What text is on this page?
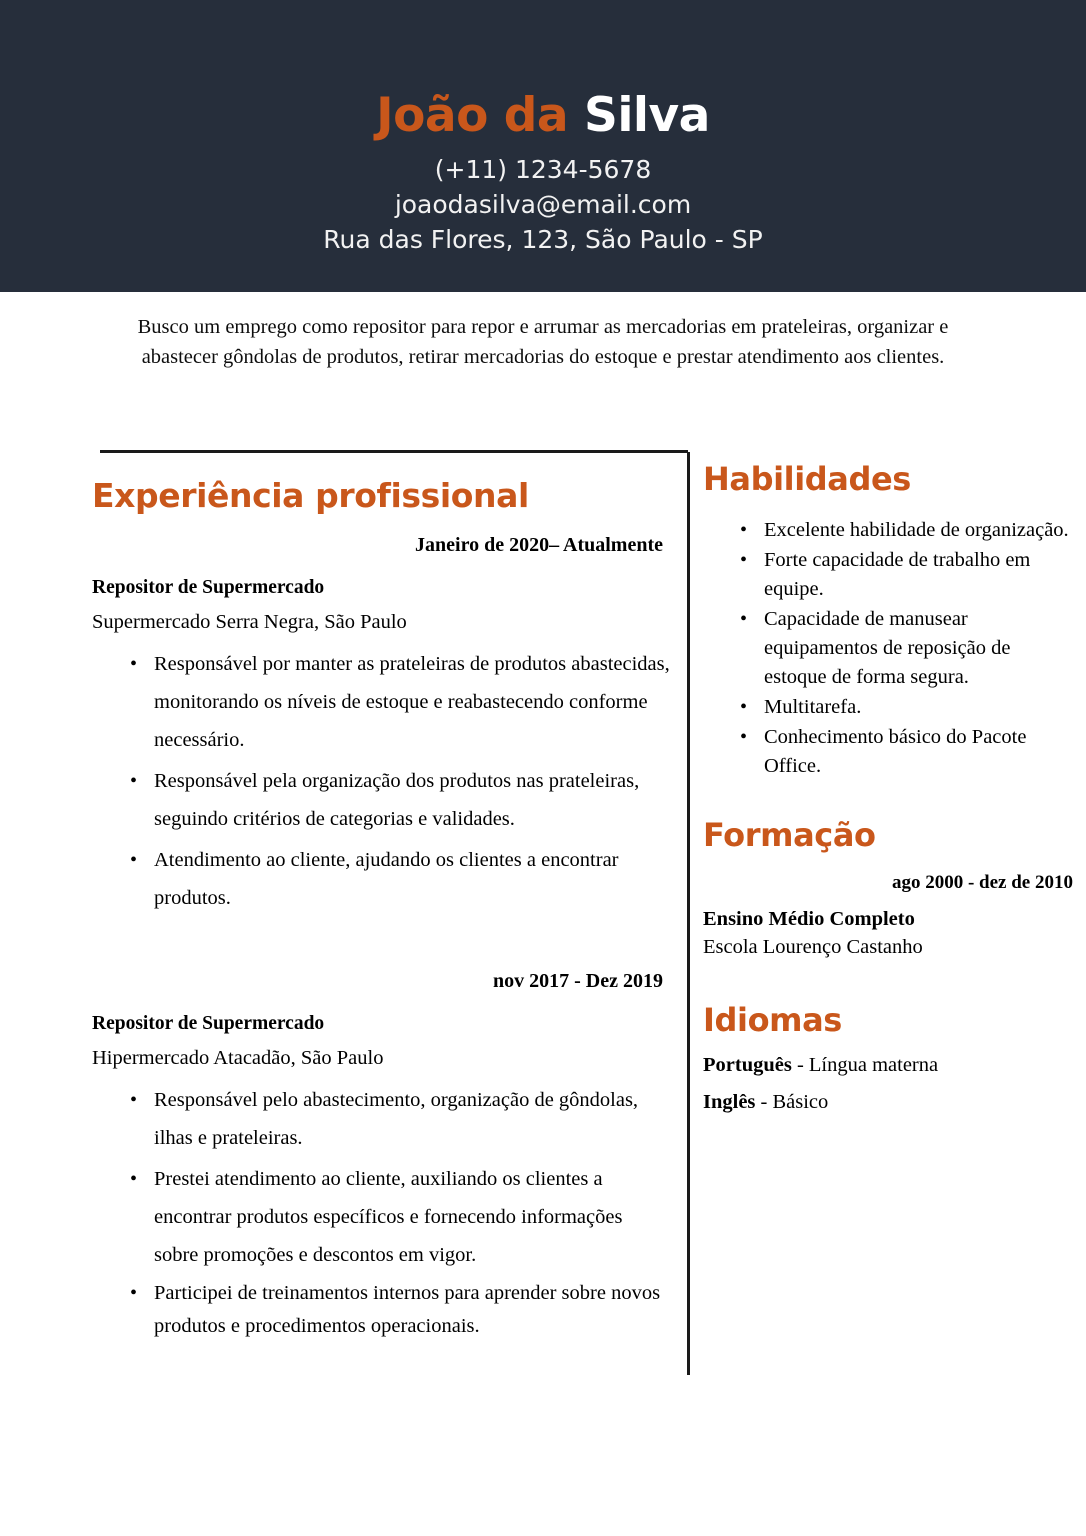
João da Silva
(+11) 1234-5678
joaodasilva@email.com
Rua das Flores, 123, São Paulo - SP
Busco um emprego como repositor para repor e arrumar as mercadorias em prateleiras, organizar e abastecer gôndolas de produtos, retirar mercadorias do estoque e prestar atendimento aos clientes.
Experiência profissional
Janeiro de 2020– Atualmente
Repositor de Supermercado
Supermercado Serra Negra, São Paulo
• Responsável por manter as prateleiras de produtos abastecidas, monitorando os níveis de estoque e reabastecendo conforme necessário.
• Responsável pela organização dos produtos nas prateleiras, seguindo critérios de categorias e validades.
• Atendimento ao cliente, ajudando os clientes a encontrar produtos.
nov 2017 - Dez 2019
Repositor de Supermercado
Hipermercado Atacadão, São Paulo
• Responsável pelo abastecimento, organização de gôndolas, ilhas e prateleiras.
• Prestei atendimento ao cliente, auxiliando os clientes a encontrar produtos específicos e fornecendo informações sobre promoções e descontos em vigor.
• Participei de treinamentos internos para aprender sobre novos produtos e procedimentos operacionais.
Habilidades
• Excelente habilidade de organização.
• Forte capacidade de trabalho em equipe.
• Capacidade de manusear equipamentos de reposição de estoque de forma segura.
• Multitarefa.
• Conhecimento básico do Pacote Office.
Formação
ago 2000 - dez de 2010
Ensino Médio Completo
Escola Lourenço Castanho
Idiomas
Português - Língua materna
Inglês - Básico
